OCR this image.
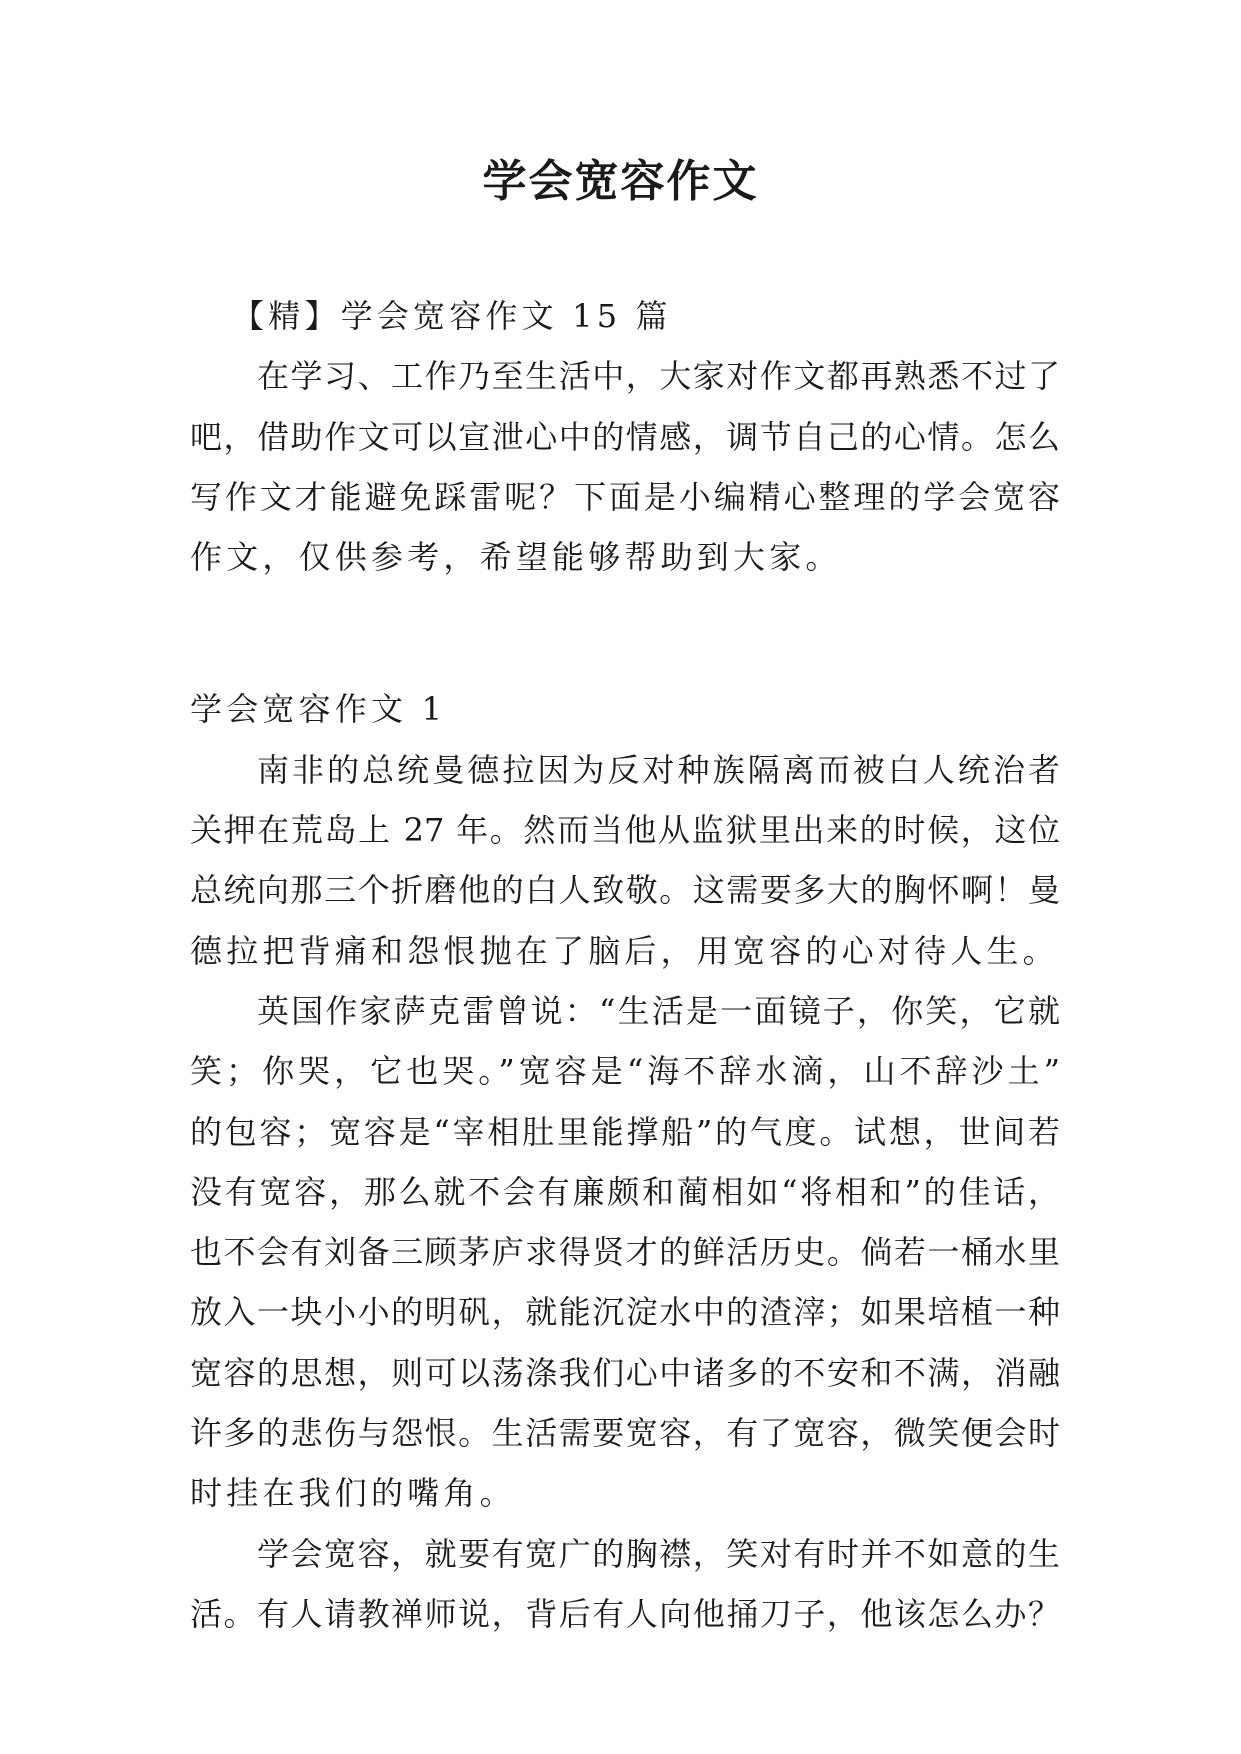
学会宽容作文

【精】学会宽容作文 15 篇

在学习、工作乃至生活中，大家对作文都再熟悉不过了

吧，借助作文可以宣泄心中的情感，调节自己的心情。怎么

写作文才能避免踩雷呢？下面是小编精心整理的学会宽容

作文，仅供参考，希望能够帮助到大家。

学会宽容作文 1

南非的总统曼德拉因为反对种族隔离而被白人统治者

关押在荒岛上 27 年。然而当他从监狱里出来的时候，这位

总统向那三个折磨他的白人致敬。这需要多大的胸怀啊！曼

德拉把背痛和怨恨抛在了脑后，用宽容的心对待人生。

英国作家萨克雷曾说：“生活是一面镜子，你笑，它就

笑；你哭，它也哭。”宽容是“海不辞水滴，山不辞沙土”

的包容；宽容是“宰相肚里能撑船”的气度。试想，世间若

没有宽容，那么就不会有廉颇和蔺相如“将相和”的佳话，

也不会有刘备三顾茅庐求得贤才的鲜活历史。倘若一桶水里

放入一块小小的明矾，就能沉淀水中的渣滓；如果培植一种

宽容的思想，则可以荡涤我们心中诸多的不安和不满，消融

许多的悲伤与怨恨。生活需要宽容，有了宽容，微笑便会时

时挂在我们的嘴角。

学会宽容，就要有宽广的胸襟，笑对有时并不如意的生

活。有人请教禅师说，背后有人向他捅刀子，他该怎么办？
